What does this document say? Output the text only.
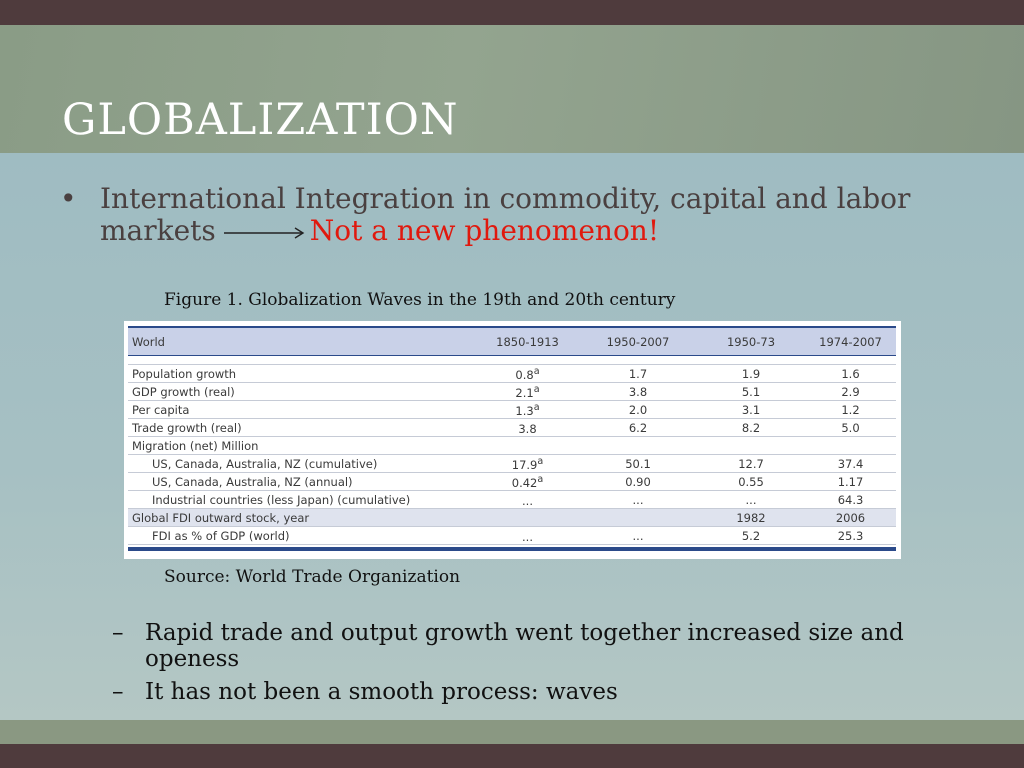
GLOBALIZATION
• International Integration in commodity, capital and labor markets	Not a new phenomenon!
Figure 1. Globalization Waves in the 19th and 20th century
World	1850-1913	1950-2007	1950-73	1974-2007

Population growth	0.8$^a$	1.7	1.9	1.6
GDP growth (real)	2.1$^a$	3.8	5.1	2.9
Per capita	1.3$^a$	2.0	3.1	1.2
Trade growth (real)	3.8	6.2	8.2	5.0
Migration (net) Million				
US, Canada, Australia, NZ (cumulative)	17.9$^a$	50.1	12.7	37.4
US, Canada, Australia, NZ (annual)	0.42$^a$	0.90	0.55	1.17
Industrial countries (less Japan) (cumulative)	...	...	...	64.3
Global FDI outward stock, year			1982	2006
FDI as % of GDP (world)	...	...	5.2	25.3
Source: World Trade Organization
– Rapid trade and output growth went together increased size and openess
– It has not been a smooth process: waves
